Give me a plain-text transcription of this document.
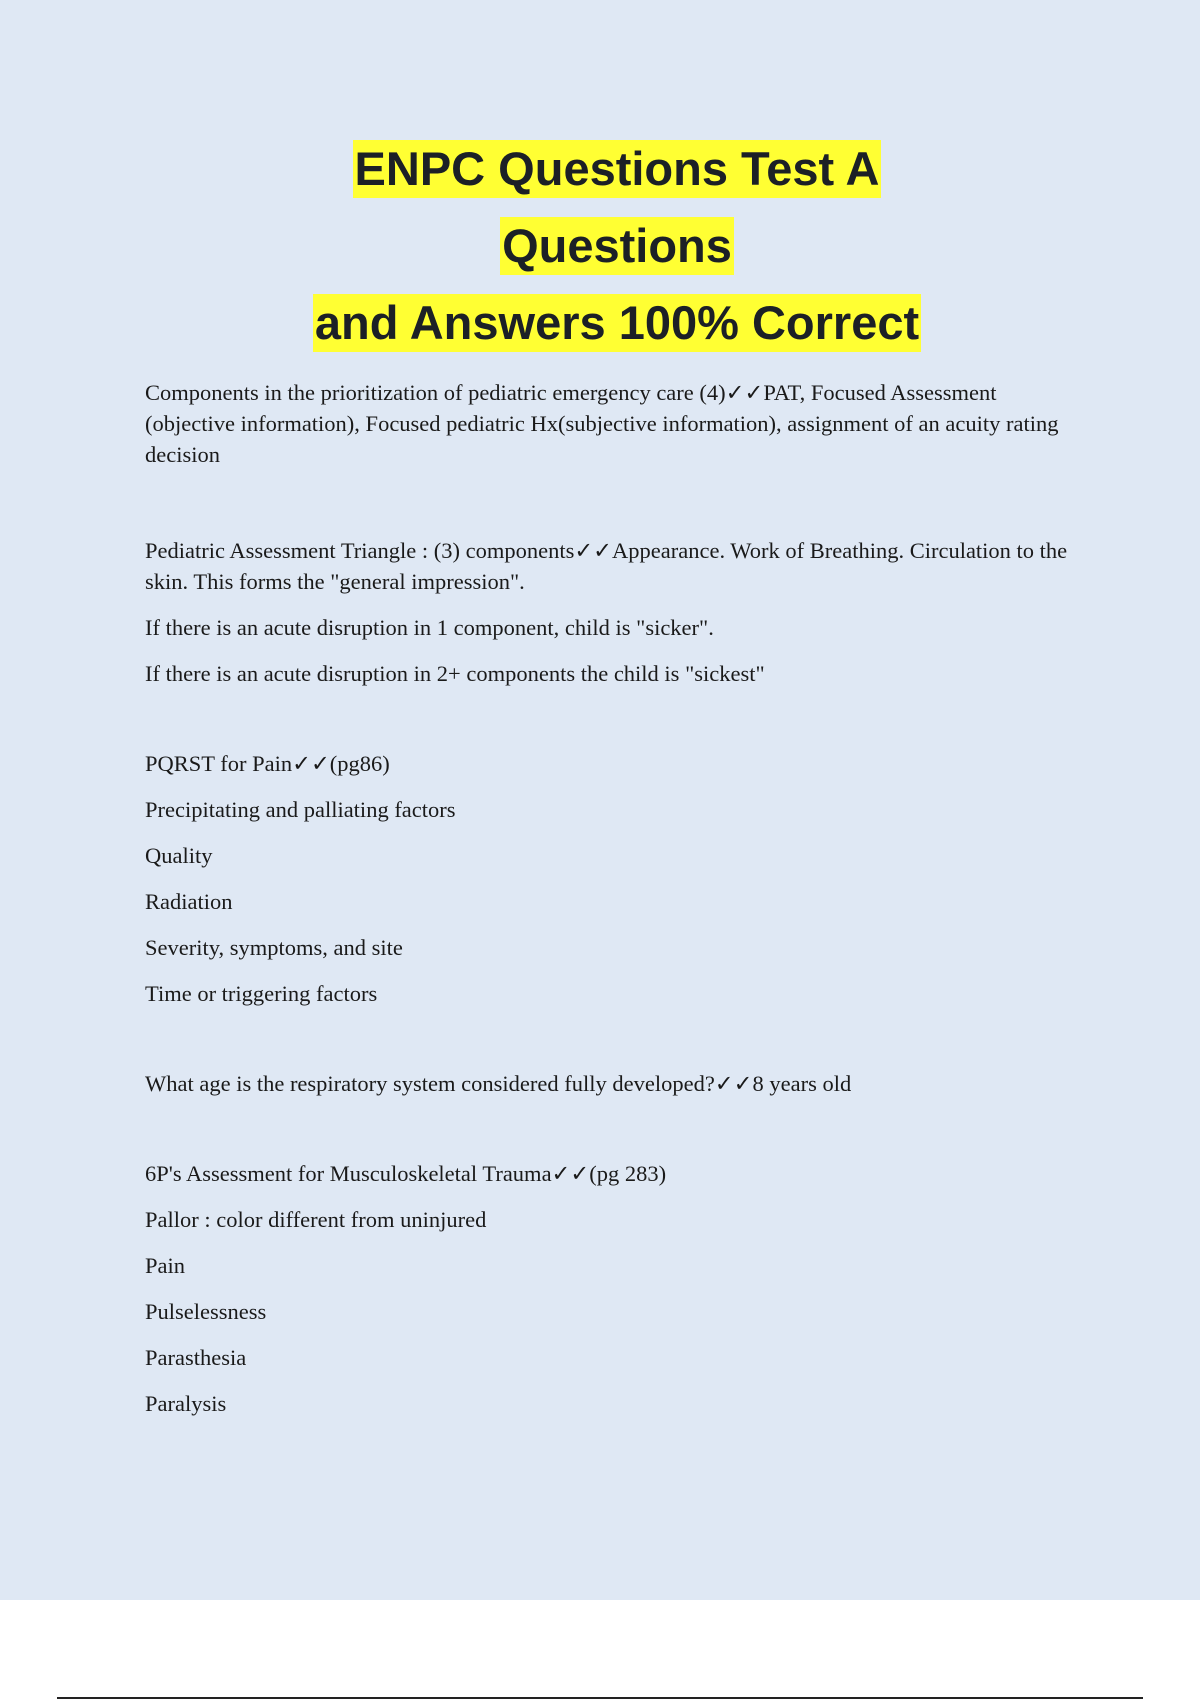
ENPC Questions Test A
Questions
and Answers 100% Correct

Components in the prioritization of pediatric emergency care (4)✓✓PAT, Focused Assessment (objective information), Focused pediatric Hx(subjective information), assignment of an acuity rating decision

Pediatric Assessment Triangle : (3) components✓✓Appearance. Work of Breathing. Circulation to the skin. This forms the "general impression".

If there is an acute disruption in 1 component, child is "sicker".

If there is an acute disruption in 2+ components the child is "sickest"

PQRST for Pain✓✓(pg86)

Precipitating and palliating factors

Quality

Radiation

Severity, symptoms, and site

Time or triggering factors

What age is the respiratory system considered fully developed?✓✓8 years old

6P's Assessment for Musculoskeletal Trauma✓✓(pg 283)

Pallor : color different from uninjured

Pain

Pulselessness

Parasthesia

Paralysis
